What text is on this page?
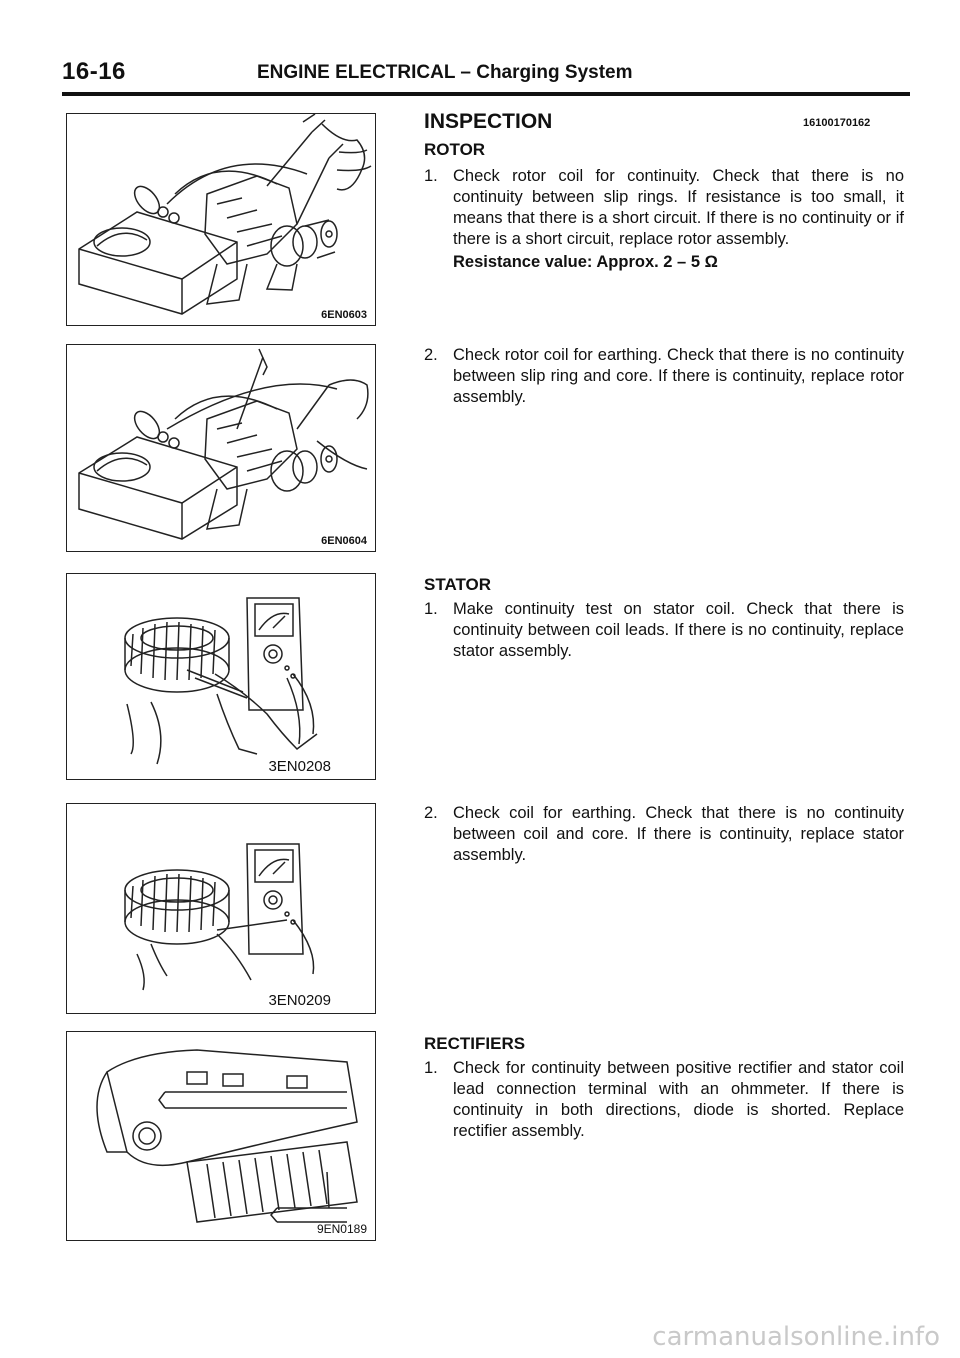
16-16	ENGINE ELECTRICAL – Charging System
6EN0603
6EN0604
3EN0208
3EN0209
9EN0189
INSPECTION	16100170162
ROTOR
1. Check rotor coil for continuity. Check that there is no continuity between slip rings. If resistance is too small, it means that there is a short circuit. If there is no continuity or if there is a short circuit, replace rotor assembly.
Resistance value: Approx. 2 – 5 Ω
2. Check rotor coil for earthing. Check that there is no continuity between slip ring and core. If there is continuity, replace rotor assembly.
STATOR
1. Make continuity test on stator coil. Check that there is continuity between coil leads. If there is no continuity, replace stator assembly.
2. Check coil for earthing. Check that there is no continuity between coil and core. If there is continuity, replace stator assembly.
RECTIFIERS
1. Check for continuity between positive rectifier and stator coil lead connection terminal with an ohmmeter. If there is continuity in both directions, diode is shorted. Replace rectifier assembly.
carmanualsonline.info
